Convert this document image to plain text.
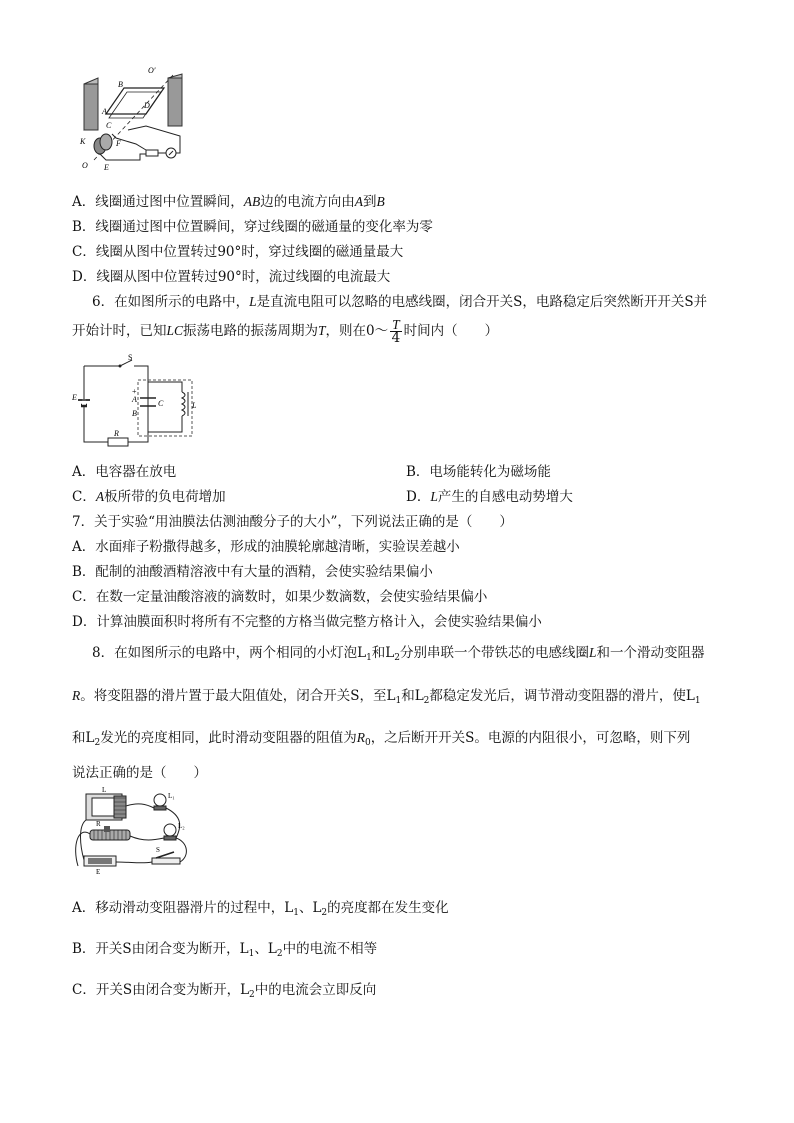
O′
B
A
D
C
K	F
O E
A．线圈通过图中位置瞬间，AB边的电流方向由A到B
B．线圈通过图中位置瞬间，穿过线圈的磁通量的变化率为零
C．线圈从图中位置转过90°时，穿过线圈的磁通量最大
D．线圈从图中位置转过90°时，流过线圈的电流最大
6．在如图所示的电路中，L是直流电阻可以忽略的电感线圈，闭合开关S，电路稳定后突然断开开关S并
开始计时，已知LC振荡电路的振荡周期为T，则在0～ $\frac{T}{4}$ 时间内（　　）
S
+
A	C
B
L
E
R
A．电容器在放电	B．电场能转化为磁场能
C．A板所带的负电荷增加	D．L产生的自感电动势增大
7．关于实验“用油膜法估测油酸分子的大小”，下列说法正确的是（　　）
A．水面痱子粉撒得越多，形成的油膜轮廓越清晰，实验误差越小
B．配制的油酸酒精溶液中有大量的酒精，会使实验结果偏小
C．在数一定量油酸溶液的滴数时，如果少数滴数，会使实验结果偏小
D．计算油膜面积时将所有不完整的方格当做完整方格计入，会使实验结果偏小
8．在如图所示的电路中，两个相同的小灯泡$L_1$和$L_2$分别串联一个带铁芯的电感线圈L和一个滑动变阻器
R。将变阻器的滑片置于最大阻值处，闭合开关S，至$L_1$和$L_2$都稳定发光后，调节滑动变阻器的滑片，使$L_1$
和$L_2$发光的亮度相同，此时滑动变阻器的阻值为$R_0$，之后断开开关S。电源的内阻很小，可忽略，则下列
说法正确的是（　　）
L
L₁
L₂
R
E
S
A．移动滑动变阻器滑片的过程中，$L_1$、$L_2$的亮度都在发生变化
B．开关S由闭合变为断开，$L_1$、$L_2$中的电流不相等
C．开关S由闭合变为断开，$L_2$中的电流会立即反向
